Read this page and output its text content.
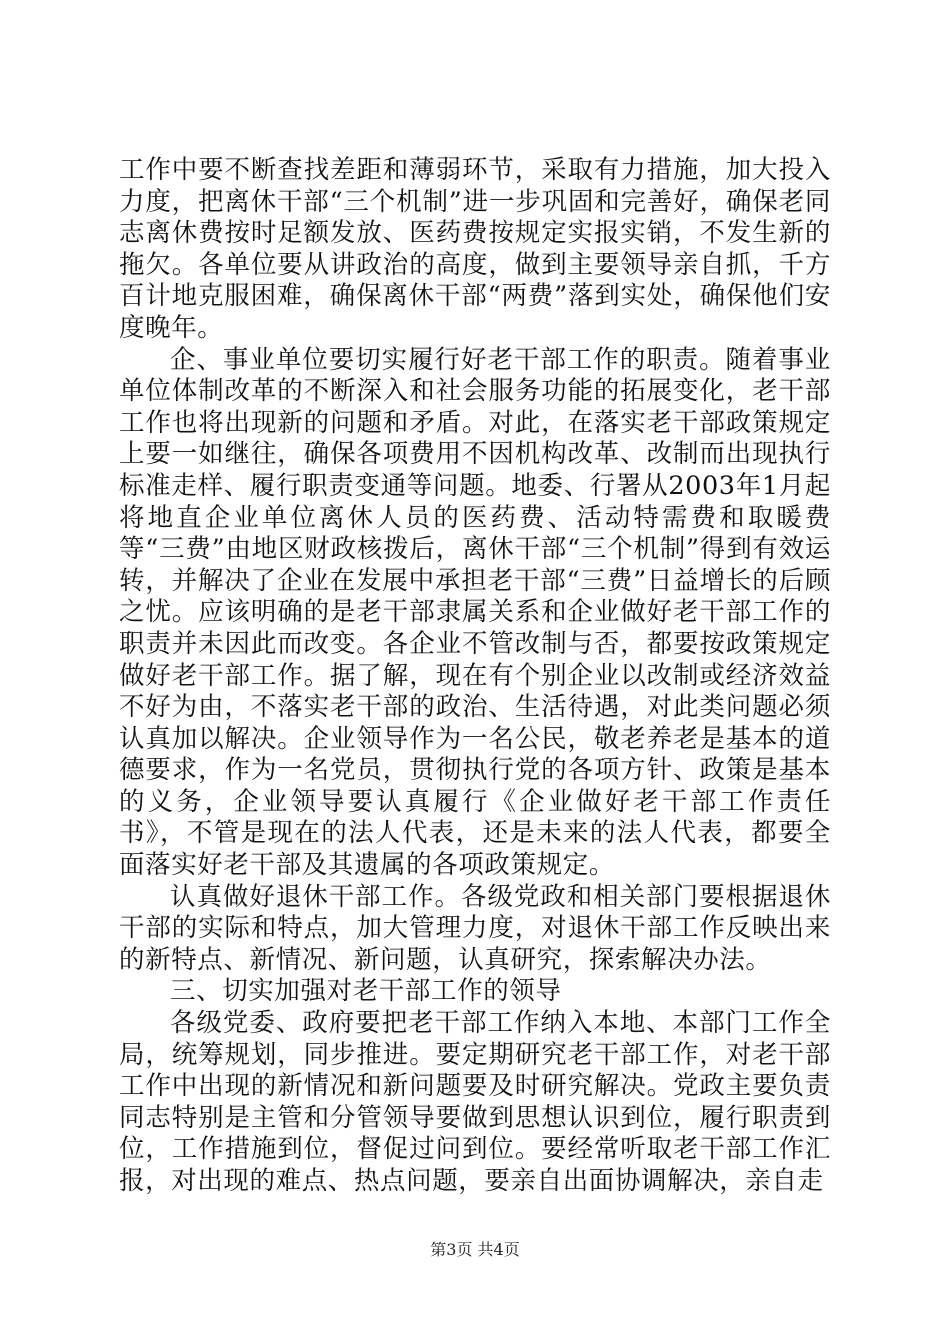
工作中要不断查找差距和薄弱环节，采取有力措施，加大投入力度，把离休干部“三个机制”进一步巩固和完善好，确保老同志离休费按时足额发放、医药费按规定实报实销，不发生新的拖欠。各单位要从讲政治的高度，做到主要领导亲自抓，千方百计地克服困难，确保离休干部“两费”落到实处，确保他们安度晚年。

企、事业单位要切实履行好老干部工作的职责。随着事业单位体制改革的不断深入和社会服务功能的拓展变化，老干部工作也将出现新的问题和矛盾。对此，在落实老干部政策规定上要一如继往，确保各项费用不因机构改革、改制而出现执行标准走样、履行职责变通等问题。地委、行署从2003年1月起将地直企业单位离休人员的医药费、活动特需费和取暖费等“三费”由地区财政核拨后，离休干部“三个机制”得到有效运转，并解决了企业在发展中承担老干部“三费”日益增长的后顾之忧。应该明确的是老干部隶属关系和企业做好老干部工作的职责并未因此而改变。各企业不管改制与否，都要按政策规定做好老干部工作。据了解，现在有个别企业以改制或经济效益不好为由，不落实老干部的政治、生活待遇，对此类问题必须认真加以解决。企业领导作为一名公民，敬老养老是基本的道德要求，作为一名党员，贯彻执行党的各项方针、政策是基本的义务，企业领导要认真履行《企业做好老干部工作责任书》，不管是现在的法人代表，还是未来的法人代表，都要全面落实好老干部及其遗属的各项政策规定。

认真做好退休干部工作。各级党政和相关部门要根据退休干部的实际和特点，加大管理力度，对退休干部工作反映出来的新特点、新情况、新问题，认真研究，探索解决办法。

三、切实加强对老干部工作的领导

各级党委、政府要把老干部工作纳入本地、本部门工作全局，统筹规划，同步推进。要定期研究老干部工作，对老干部工作中出现的新情况和新问题要及时研究解决。党政主要负责同志特别是主管和分管领导要做到思想认识到位，履行职责到位，工作措施到位，督促过问到位。要经常听取老干部工作汇报，对出现的难点、热点问题，要亲自出面协调解决，亲自走

第3页 共4页
